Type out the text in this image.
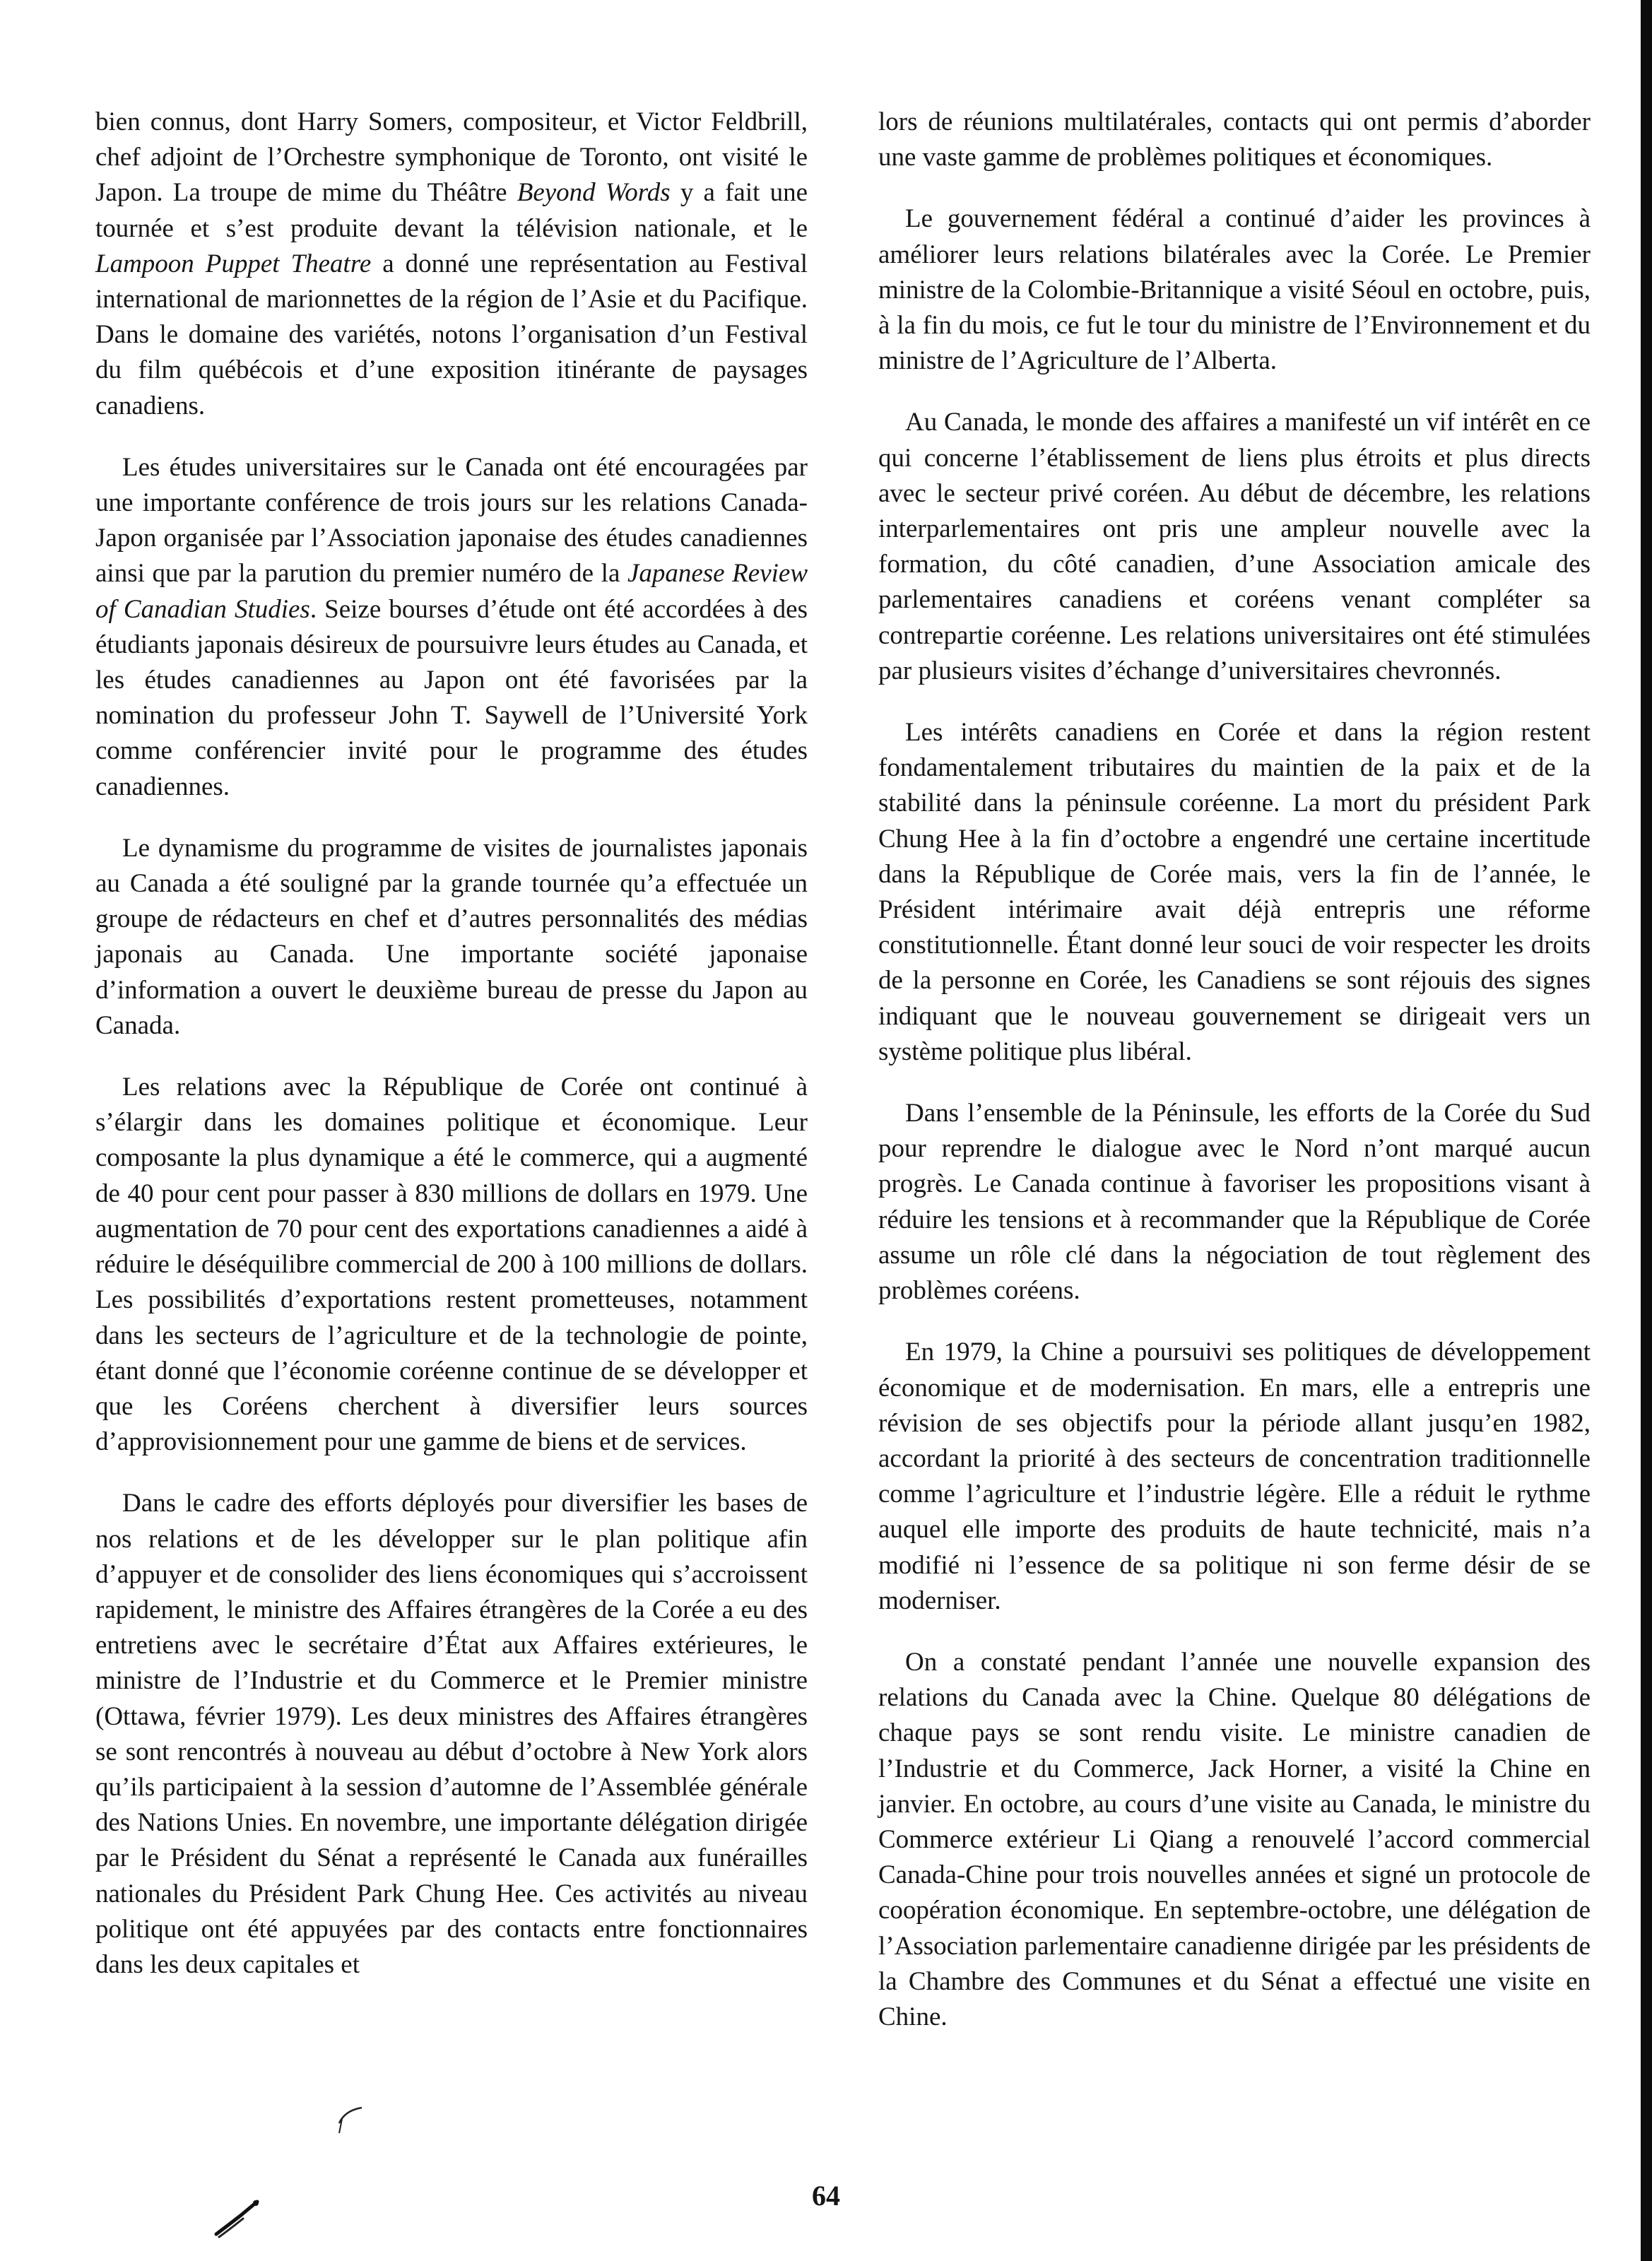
bien connus, dont Harry Somers, compositeur, et Victor Feldbrill, chef adjoint de l’Orchestre symphonique de Toronto, ont visité le Japon. La troupe de mime du Théâtre Beyond Words y a fait une tournée et s’est produite devant la télévision nationale, et le Lampoon Puppet Theatre a donné une représentation au Festival international de marionnettes de la région de l’Asie et du Pacifique. Dans le domaine des variétés, notons l’organisation d’un Festival du film québécois et d’une exposition itinérante de paysages canadiens.

Les études universitaires sur le Canada ont été encouragées par une importante conférence de trois jours sur les relations Canada-Japon organisée par l’Association japonaise des études canadiennes ainsi que par la parution du premier numéro de la Japanese Review of Canadian Studies. Seize bourses d’étude ont été accordées à des étudiants japonais désireux de poursuivre leurs études au Canada, et les études canadiennes au Japon ont été favorisées par la nomination du professeur John T. Saywell de l’Université York comme conférencier invité pour le programme des études canadiennes.

Le dynamisme du programme de visites de journalistes japonais au Canada a été souligné par la grande tournée qu’a effectuée un groupe de rédacteurs en chef et d’autres personnalités des médias japonais au Canada. Une importante société japonaise d’information a ouvert le deuxième bureau de presse du Japon au Canada.

Les relations avec la République de Corée ont continué à s’élargir dans les domaines politique et économique. Leur composante la plus dynamique a été le commerce, qui a augmenté de 40 pour cent pour passer à 830 millions de dollars en 1979. Une augmentation de 70 pour cent des exportations canadiennes a aidé à réduire le déséquilibre commercial de 200 à 100 millions de dollars. Les possibilités d’exportations restent prometteuses, notamment dans les secteurs de l’agriculture et de la technologie de pointe, étant donné que l’économie coréenne continue de se développer et que les Coréens cherchent à diversifier leurs sources d’approvisionnement pour une gamme de biens et de services.

Dans le cadre des efforts déployés pour diversifier les bases de nos relations et de les développer sur le plan politique afin d’appuyer et de consolider des liens économiques qui s’accroissent rapidement, le ministre des Affaires étrangères de la Corée a eu des entretiens avec le secrétaire d’État aux Affaires extérieures, le ministre de l’Industrie et du Commerce et le Premier ministre (Ottawa, février 1979). Les deux ministres des Affaires étrangères se sont rencontrés à nouveau au début d’octobre à New York alors qu’ils participaient à la session d’automne de l’Assemblée générale des Nations Unies. En novembre, une importante délégation dirigée par le Président du Sénat a représenté le Canada aux funérailles nationales du Président Park Chung Hee. Ces activités au niveau politique ont été appuyées par des contacts entre fonctionnaires dans les deux capitales et

lors de réunions multilatérales, contacts qui ont permis d’aborder une vaste gamme de problèmes politiques et économiques.

Le gouvernement fédéral a continué d’aider les provinces à améliorer leurs relations bilatérales avec la Corée. Le Premier ministre de la Colombie-Britannique a visité Séoul en octobre, puis, à la fin du mois, ce fut le tour du ministre de l’Environnement et du ministre de l’Agriculture de l’Alberta.

Au Canada, le monde des affaires a manifesté un vif intérêt en ce qui concerne l’établissement de liens plus étroits et plus directs avec le secteur privé coréen. Au début de décembre, les relations interparlementaires ont pris une ampleur nouvelle avec la formation, du côté canadien, d’une Association amicale des parlementaires canadiens et coréens venant compléter sa contrepartie coréenne. Les relations universitaires ont été stimulées par plusieurs visites d’échange d’universitaires chevronnés.

Les intérêts canadiens en Corée et dans la région restent fondamentalement tributaires du maintien de la paix et de la stabilité dans la péninsule coréenne. La mort du président Park Chung Hee à la fin d’octobre a engendré une certaine incertitude dans la République de Corée mais, vers la fin de l’année, le Président intérimaire avait déjà entrepris une réforme constitutionnelle. Étant donné leur souci de voir respecter les droits de la personne en Corée, les Canadiens se sont réjouis des signes indiquant que le nouveau gouvernement se dirigeait vers un système politique plus libéral.

Dans l’ensemble de la Péninsule, les efforts de la Corée du Sud pour reprendre le dialogue avec le Nord n’ont marqué aucun progrès. Le Canada continue à favoriser les propositions visant à réduire les tensions et à recommander que la République de Corée assume un rôle clé dans la négociation de tout règlement des problèmes coréens.

En 1979, la Chine a poursuivi ses politiques de développement économique et de modernisation. En mars, elle a entrepris une révision de ses objectifs pour la période allant jusqu’en 1982, accordant la priorité à des secteurs de concentration traditionnelle comme l’agriculture et l’industrie légère. Elle a réduit le rythme auquel elle importe des produits de haute technicité, mais n’a modifié ni l’essence de sa politique ni son ferme désir de se moderniser.

On a constaté pendant l’année une nouvelle expansion des relations du Canada avec la Chine. Quelque 80 délégations de chaque pays se sont rendu visite. Le ministre canadien de l’Industrie et du Commerce, Jack Horner, a visité la Chine en janvier. En octobre, au cours d’une visite au Canada, le ministre du Commerce extérieur Li Qiang a renouvelé l’accord commercial Canada-Chine pour trois nouvelles années et signé un protocole de coopération économique. En septembre-octobre, une délégation de l’Association parlementaire canadienne dirigée par les présidents de la Chambre des Communes et du Sénat a effectué une visite en Chine.

64
